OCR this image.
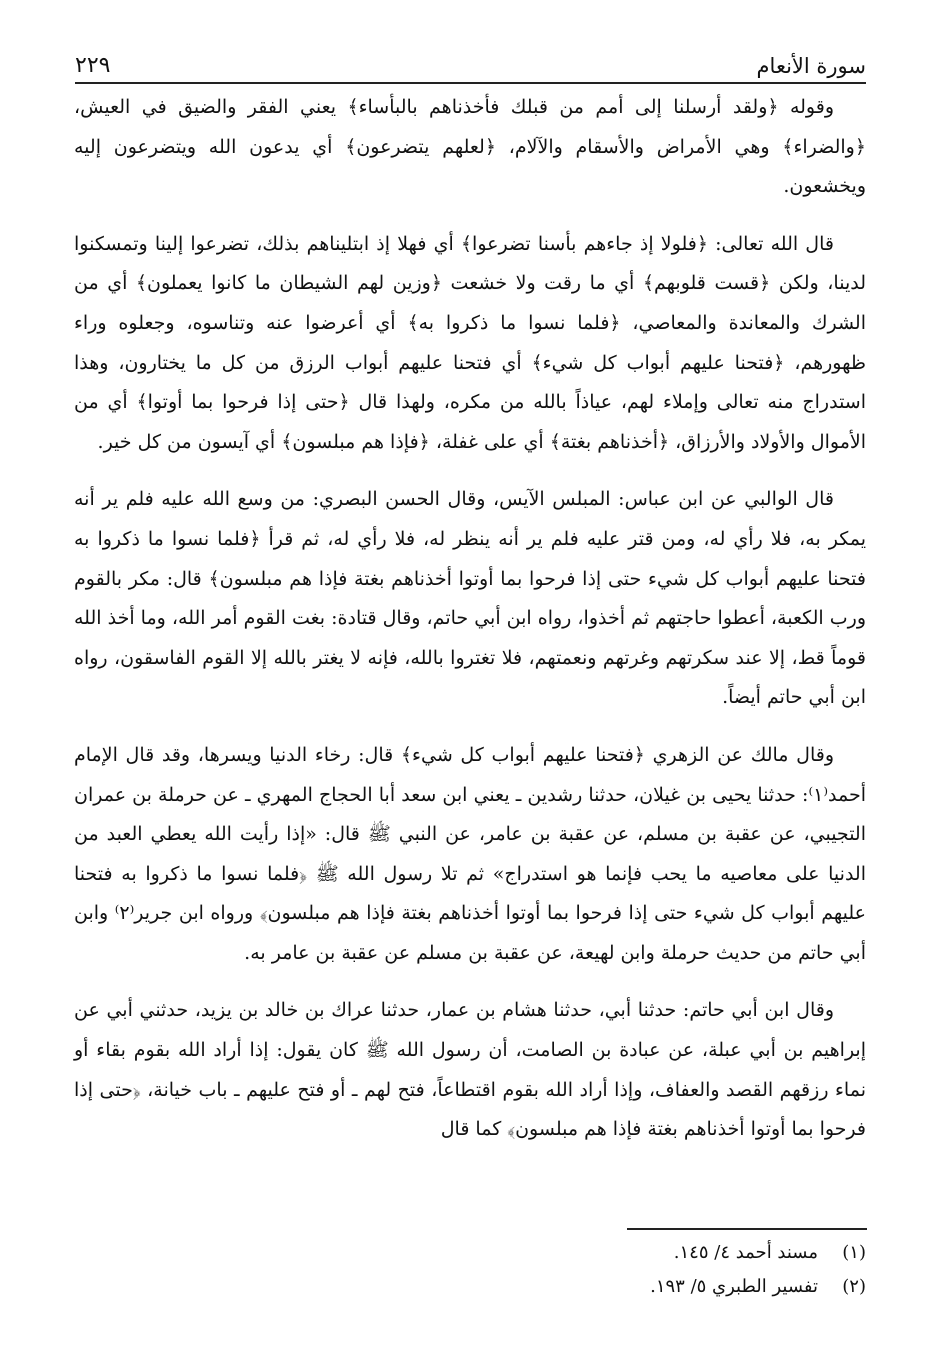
٢٢٩	سورة الأنعام

وقوله ﴿ولقد أرسلنا إلى أمم من قبلك فأخذناهم بالبأساء﴾ يعني الفقر والضيق في العيش، ﴿والضراء﴾ وهي الأمراض والأسقام والآلام، ﴿لعلهم يتضرعون﴾ أي يدعون الله ويتضرعون إليه ويخشعون.

قال الله تعالى: ﴿فلولا إذ جاءهم بأسنا تضرعوا﴾ أي فهلا إذ ابتليناهم بذلك، تضرعوا إلينا وتمسكنوا لدينا، ولكن ﴿قست قلوبهم﴾ أي ما رقت ولا خشعت ﴿وزين لهم الشيطان ما كانوا يعملون﴾ أي من الشرك والمعاندة والمعاصي، ﴿فلما نسوا ما ذكروا به﴾ أي أعرضوا عنه وتناسوه، وجعلوه وراء ظهورهم، ﴿فتحنا عليهم أبواب كل شيء﴾ أي فتحنا عليهم أبواب الرزق من كل ما يختارون، وهذا استدراج منه تعالى وإملاء لهم، عياذاً بالله من مكره، ولهذا قال ﴿حتى إذا فرحوا بما أوتوا﴾ أي من الأموال والأولاد والأرزاق، ﴿أخذناهم بغتة﴾ أي على غفلة، ﴿فإذا هم مبلسون﴾ أي آيسون من كل خير.

قال الوالبي عن ابن عباس: المبلس الآيس، وقال الحسن البصري: من وسع الله عليه فلم ير أنه يمكر به، فلا رأي له، ومن قتر عليه فلم ير أنه ينظر له، فلا رأي له، ثم قرأ ﴿فلما نسوا ما ذكروا به فتحنا عليهم أبواب كل شيء حتى إذا فرحوا بما أوتوا أخذناهم بغتة فإذا هم مبلسون﴾ قال: مكر بالقوم ورب الكعبة، أعطوا حاجتهم ثم أخذوا، رواه ابن أبي حاتم، وقال قتادة: بغت القوم أمر الله، وما أخذ الله قوماً قط، إلا عند سكرتهم وغرتهم ونعمتهم، فلا تغتروا بالله، فإنه لا يغتر بالله إلا القوم الفاسقون، رواه ابن أبي حاتم أيضاً.

وقال مالك عن الزهري ﴿فتحنا عليهم أبواب كل شيء﴾ قال: رخاء الدنيا ويسرها، وقد قال الإمام أحمد⁽١⁾: حدثنا يحيى بن غيلان، حدثنا رشدين ـ يعني ابن سعد أبا الحجاج المهري ـ عن حرملة بن عمران التجيبي، عن عقبة بن مسلم، عن عقبة بن عامر، عن النبي ﷺ قال: «إذا رأيت الله يعطي العبد من الدنيا على معاصيه ما يحب فإنما هو استدراج» ثم تلا رسول الله ﷺ ﴿فلما نسوا ما ذكروا به فتحنا عليهم أبواب كل شيء حتى إذا فرحوا بما أوتوا أخذناهم بغتة فإذا هم مبلسون﴾ ورواه ابن جرير⁽٢⁾ وابن أبي حاتم من حديث حرملة وابن لهيعة، عن عقبة بن مسلم عن عقبة بن عامر به.

وقال ابن أبي حاتم: حدثنا أبي، حدثنا هشام بن عمار، حدثنا عراك بن خالد بن يزيد، حدثني أبي عن إبراهيم بن أبي عبلة، عن عبادة بن الصامت، أن رسول الله ﷺ كان يقول: إذا أراد الله بقوم بقاء أو نماء رزقهم القصد والعفاف، وإذا أراد الله بقوم اقتطاعاً، فتح لهم ـ أو فتح عليهم ـ باب خيانة، ﴿حتى إذا فرحوا بما أوتوا أخذناهم بغتة فإذا هم مبلسون﴾ كما قال

(١)
مسند أحمد ٤/ ١٤٥.
(٢)
تفسير الطبري ٥/ ١٩٣.
